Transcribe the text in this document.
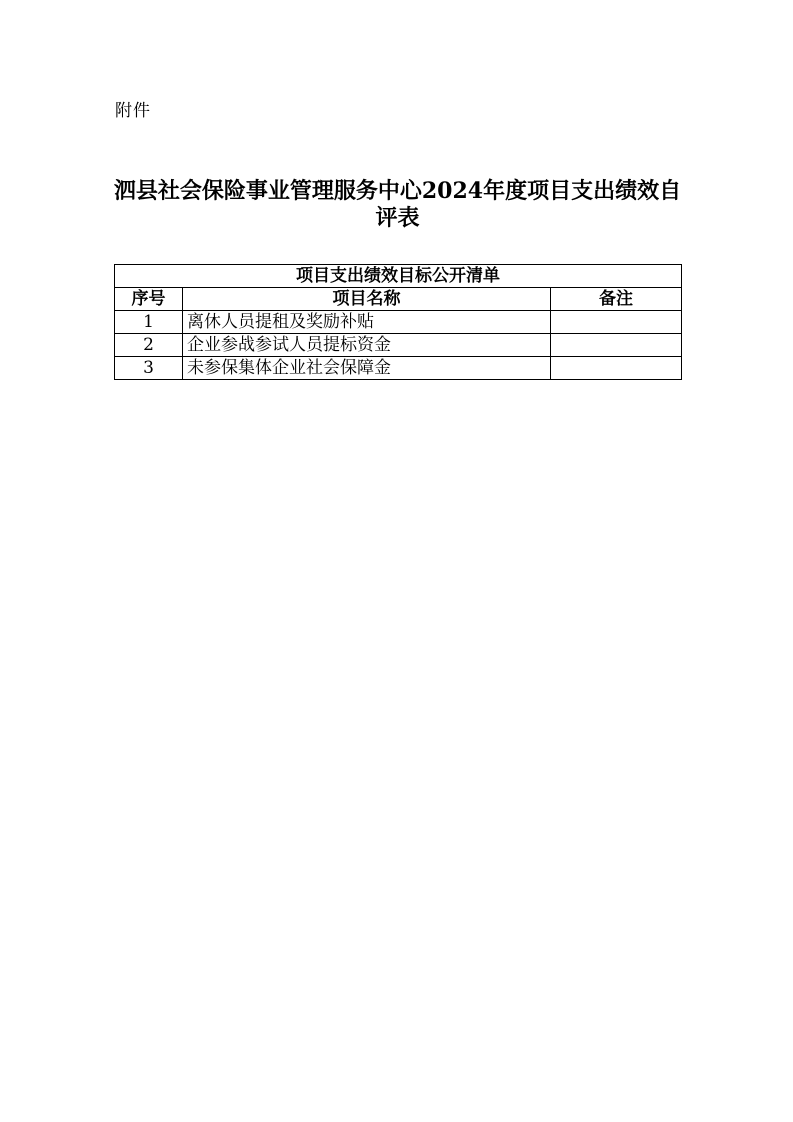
附件
泗县社会保险事业管理服务中心2024年度项目支出绩效自评表
项目支出绩效目标公开清单		
序号	项目名称	备注
1	离休人员提租及奖励补贴	
2	企业参战参试人员提标资金	
3	未参保集体企业社会保障金	
